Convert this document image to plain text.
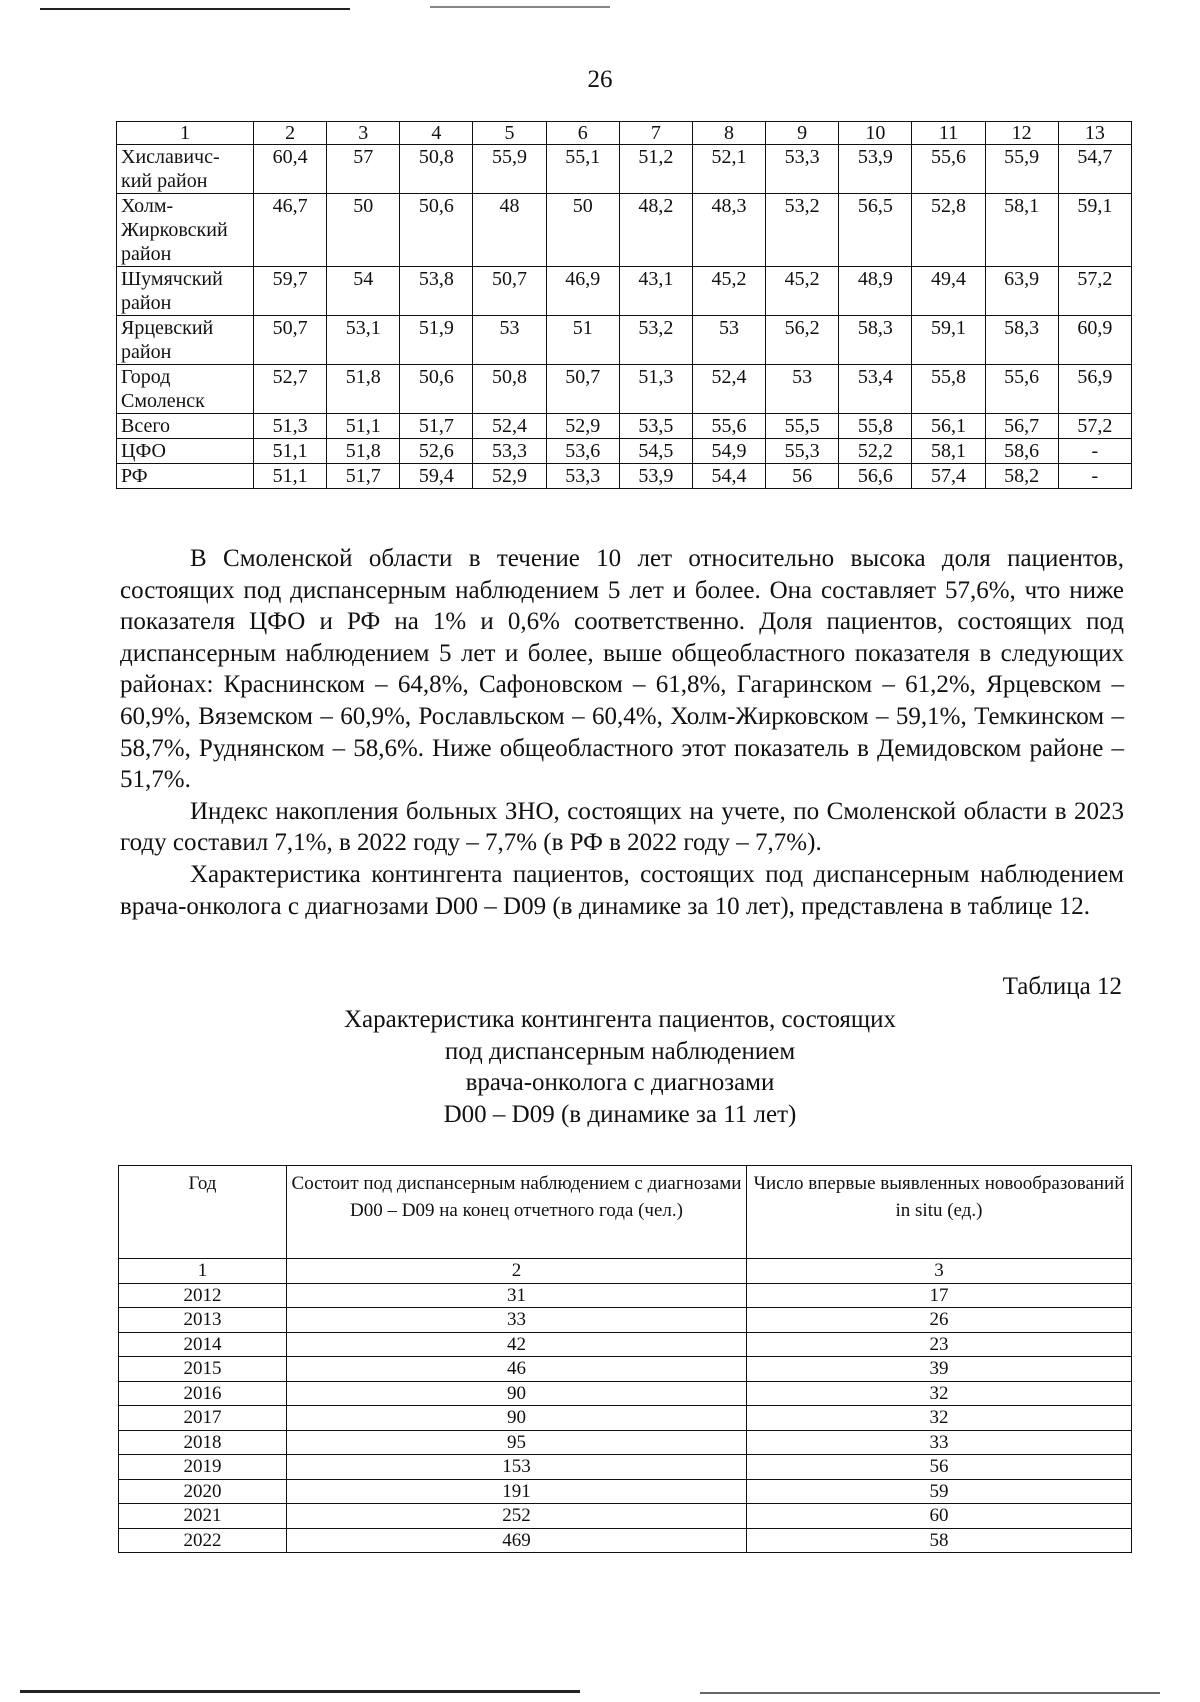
26
1	2	3	4	5	6	7	8	9	10	11	12	13
Хиславичс-кий район	60,4	57	50,8	55,9	55,1	51,2	52,1	53,3	53,9	55,6	55,9	54,7
Холм-Жирковский район	46,7	50	50,6	48	50	48,2	48,3	53,2	56,5	52,8	58,1	59,1
Шумячский район	59,7	54	53,8	50,7	46,9	43,1	45,2	45,2	48,9	49,4	63,9	57,2
Ярцевский район	50,7	53,1	51,9	53	51	53,2	53	56,2	58,3	59,1	58,3	60,9
Город Смоленск	52,7	51,8	50,6	50,8	50,7	51,3	52,4	53	53,4	55,8	55,6	56,9
Всего	51,3	51,1	51,7	52,4	52,9	53,5	55,6	55,5	55,8	56,1	56,7	57,2
ЦФО	51,1	51,8	52,6	53,3	53,6	54,5	54,9	55,3	52,2	58,1	58,6	-
РФ	51,1	51,7	59,4	52,9	53,3	53,9	54,4	56	56,6	57,4	58,2	-

В Смоленской области в течение 10 лет относительно высока доля пациентов, состоящих под диспансерным наблюдением 5 лет и более. Она составляет 57,6%, что ниже показателя ЦФО и РФ на 1% и 0,6% соответственно. Доля пациентов, состоящих под диспансерным наблюдением 5 лет и более, выше общеобластного показателя в следующих районах: Краснинском – 64,8%, Сафоновском – 61,8%, Гагаринском – 61,2%, Ярцевском – 60,9%, Вяземском – 60,9%, Рославльском – 60,4%, Холм-Жирковском – 59,1%, Темкинском – 58,7%, Руднянском – 58,6%. Ниже общеобластного этот показатель в Демидовском районе – 51,7%.

Индекс накопления больных ЗНО, состоящих на учете, по Смоленской области в 2023 году составил 7,1%, в 2022 году – 7,7% (в РФ в 2022 году – 7,7%).

Характеристика контингента пациентов, состоящих под диспансерным наблюдением врача-онколога с диагнозами D00 – D09 (в динамике за 10 лет), представлена в таблице 12.

Таблица 12
Характеристика контингента пациентов, состоящих
под диспансерным наблюдением
врача-онколога с диагнозами
D00 – D09 (в динамике за 11 лет)
Год	Состоит под диспансерным наблюдением с диагнозами D00 – D09 на конец отчетного года (чел.)	Число впервые выявленных новообразований in situ (ед.)
1	2	3
2012	31	17
2013	33	26
2014	42	23
2015	46	39
2016	90	32
2017	90	32
2018	95	33
2019	153	56
2020	191	59
2021	252	60
2022	469	58
